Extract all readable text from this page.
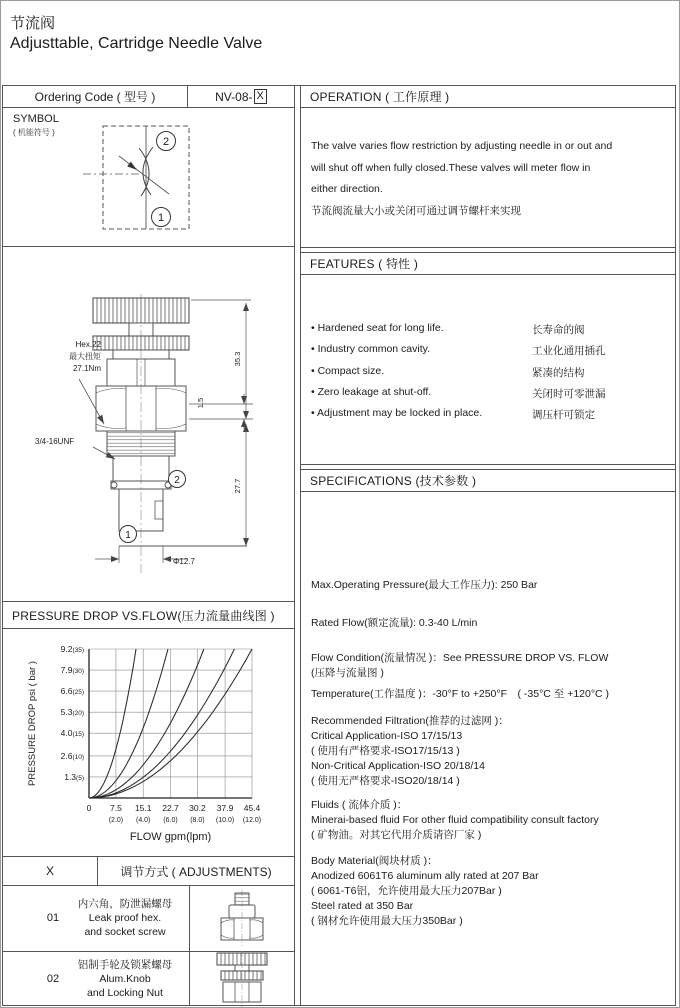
节流阀
Adjusttable, Cartridge Needle Valve
Ordering Code ( 型号 )	NV-08- X
SYMBOL
( 机能符号 )
2
1
Hex.22
最大扭矩
27.1Nm
3/4-16UNF
35.3
1.5
27.7
Φ12.7
2
1
PRESSURE DROP VS.FLOW(压力流量曲线图 )
1.3(5)
2.6(10)
4.0(15)
5.3(20)
6.6(25)
7.9(30)
9.2(35)
0 7.5
(2.0)
15.1
(4.0)
22.7
(6.0)
30.2
(8.0)
37.9
(10.0)
45.4
(12.0)
FLOW gpm(lpm)
PRESSURE DROP psi ( bar )
X	调节方式 ( ADJUSTMENTS)
01
内六角，防泄漏螺母
Leak proof hex.
and socket screw
02
铝制手轮及锁紧螺母
Alum.Knob
and Locking Nut
OPERATION ( 工作原理 )
The valve varies flow restriction by adjusting needle in or out and
will shut off when fully closed.These valves will meter flow in
either direction.
节流阀流量大小或关闭可通过调节螺杆来实现
FEATURES ( 特性 )
• Hardened seat for long life.	长寿命的阀
• Industry common cavity.	工业化通用插孔
• Compact size.	紧凑的结构
• Zero leakage at shut-off.	关闭时可零泄漏
• Adjustment may be locked in place.	调压杆可锁定
SPECIFICATIONS (技术参数 )
Max.Operating Pressure(最大工作压力): 250 Bar
Rated Flow(额定流量): 0.3-40 L/min
Flow Condition(流量情况 )：See PRESSURE DROP VS. FLOW
(压降与流量图 )
Temperature(工作温度 )：-30°F to +250°F　( -35°C 至 +120°C )
Recommended Filtration(推荐的过滤网 )：
Critical Application-ISO 17/15/13
( 使用有严格要求-ISO17/15/13 )
Non-Critical Application-ISO 20/18/14
( 使用无严格要求-ISO20/18/14 )
Fluids ( 流体介质 )：
Minerai-based fluid For other fluid compatibility consult factory
( 矿物油。对其它代用介质请咨厂家 )
Body Material(阀块材质 )：
Anodized 6061T6 aluminum ally rated at 207 Bar
( 6061-T6铝，允许使用最大压力207Bar )
Steel rated at 350 Bar
( 钢材允许使用最大压力350Bar )
